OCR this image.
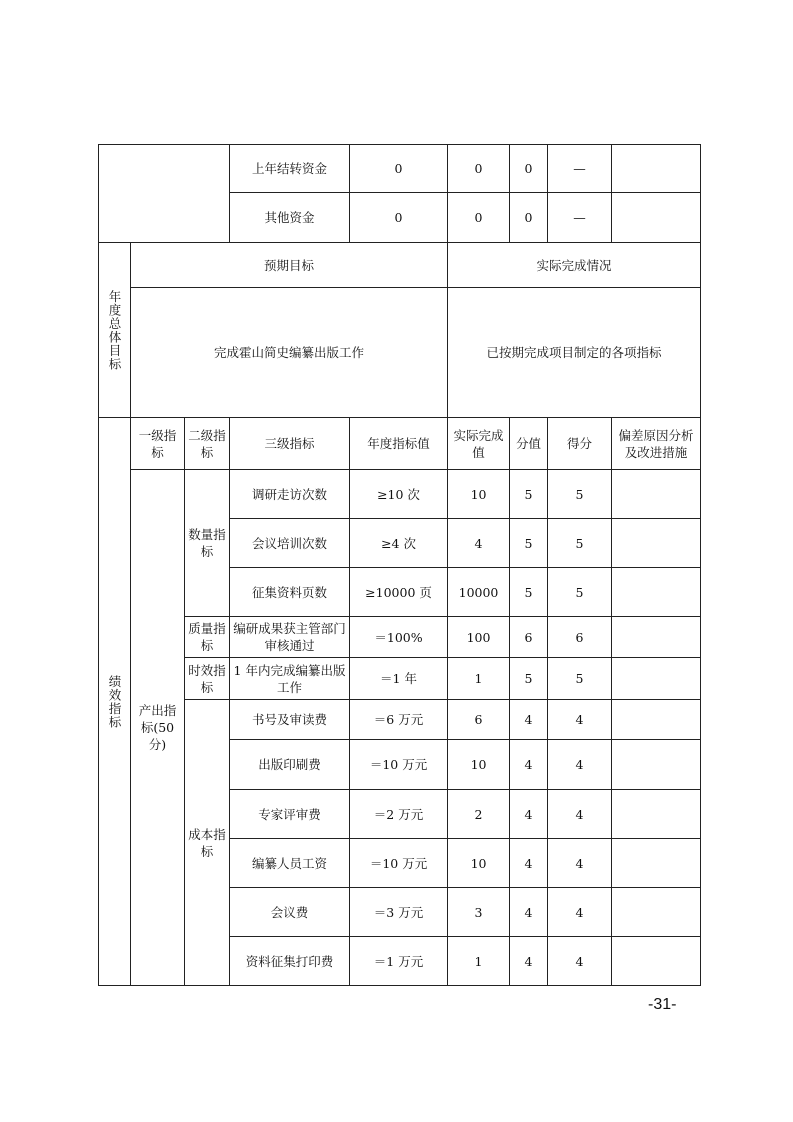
			上年结转资金	0	0	0	—		
			其他资金	0	0	0	—		

年度总体目标	预期目标				实际完成情况				
	完成霍山简史编纂出版工作				已按期完成项目制定的各项指标				

绩效指标	一级指标	二级指标	三级指标	年度指标值	实际完成值	分值	得分	偏差原因分析及改进措施	
	产出指标(50分)	数量指标	调研走访次数	≥10 次	10	5	5		
			会议培训次数	≥4 次	4	5	5		
			征集资料页数	≥10000 页	10000	5	5		
		质量指标	编研成果获主管部门审核通过	＝100%	100	6	6		
		时效指标	1 年内完成编纂出版工作	＝1 年	1	5	5		
		成本指标	书号及审读费	＝6 万元	6	4	4		
			出版印刷费	＝10 万元	10	4	4		
			专家评审费	＝2 万元	2	4	4		
			编纂人员工资	＝10 万元	10	4	4		
			会议费	＝3 万元	3	4	4		
			资料征集打印费	＝1 万元	1	4	4		
-31-
